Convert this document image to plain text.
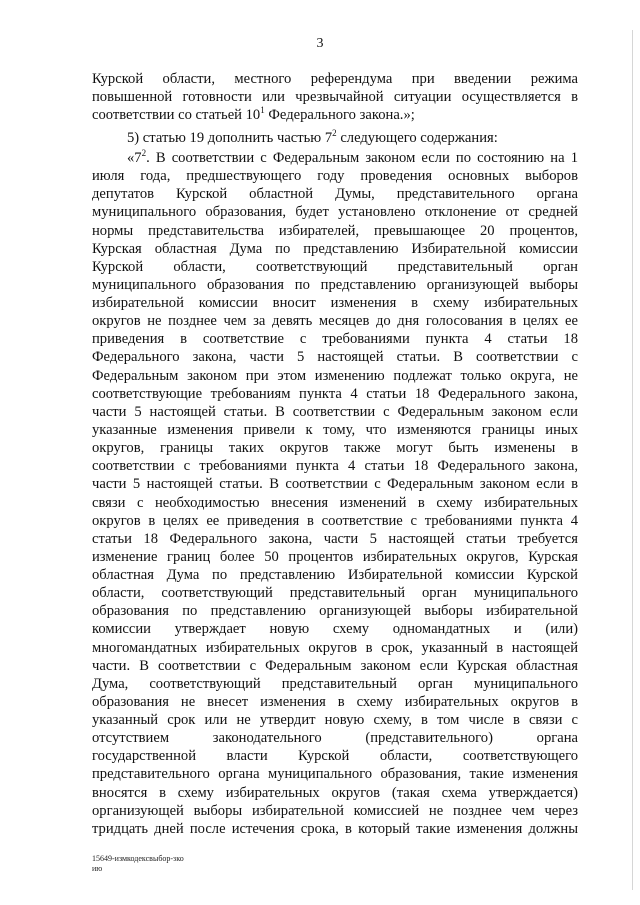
3
Курской области, местного референдума при введении режима
повышенной готовности или чрезвычайной ситуации осуществляется в
соответствии со статьей $10^1$ Федерального закона.»;
5) статью 19 дополнить частью $7^2$ следующего содержания:
«$7^2$. В соответствии с Федеральным законом если по состоянию на 1
июля года, предшествующего году проведения основных выборов
депутатов Курской областной Думы, представительного органа
муниципального образования, будет установлено отклонение от средней
нормы представительства избирателей, превышающее 20 процентов,
Курская областная Дума по представлению Избирательной комиссии
Курской области, соответствующий представительный орган
муниципального образования по представлению организующей выборы
избирательной комиссии вносит изменения в схему избирательных
округов не позднее чем за девять месяцев до дня голосования в целях ее
приведения в соответствие с требованиями пункта 4 статьи 18
Федерального закона, части 5 настоящей статьи. В соответствии с
Федеральным законом при этом изменению подлежат только округа, не
соответствующие требованиям пункта 4 статьи 18 Федерального закона,
части 5 настоящей статьи. В соответствии с Федеральным законом если
указанные изменения привели к тому, что изменяются границы иных
округов, границы таких округов также могут быть изменены в
соответствии с требованиями пункта 4 статьи 18 Федерального закона,
части 5 настоящей статьи. В соответствии с Федеральным законом если в
связи с необходимостью внесения изменений в схему избирательных
округов в целях ее приведения в соответствие с требованиями пункта 4
статьи 18 Федерального закона, части 5 настоящей статьи требуется
изменение границ более 50 процентов избирательных округов, Курская
областная Дума по представлению Избирательной комиссии Курской
области, соответствующий представительный орган муниципального
образования по представлению организующей выборы избирательной
комиссии утверждает новую схему одномандатных и (или)
многомандатных избирательных округов в срок, указанный в настоящей
части. В соответствии с Федеральным законом если Курская областная
Дума, соответствующий представительный орган муниципального
образования не внесет изменения в схему избирательных округов в
указанный срок или не утвердит новую схему, в том числе в связи с
отсутствием законодательного (представительного) органа
государственной власти Курской области, соответствующего
представительного органа муниципального образования, такие изменения
вносятся в схему избирательных округов (такая схема утверждается)
организующей выборы избирательной комиссией не позднее чем через
тридцать дней после истечения срока, в который такие изменения должны
15649-измкодексвыбор-зко
ию
